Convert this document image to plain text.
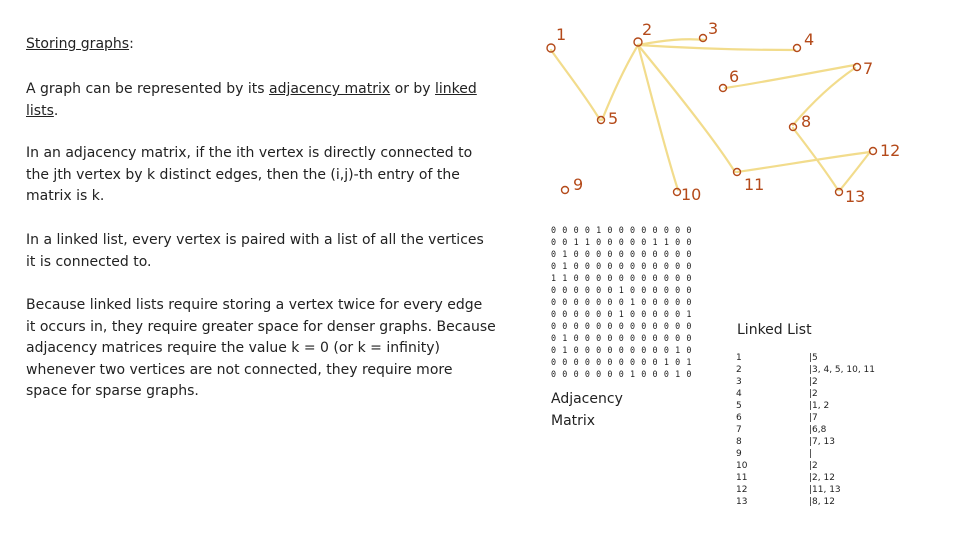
Storing graphs:

A graph can be represented by its adjacency matrix or by linked lists.

In an adjacency matrix, if the ith vertex is directly connected to the jth vertex by k distinct edges, then the (i,j)-th entry of the matrix is k.

In a linked list, every vertex is paired with a list of all the vertices it is connected to.

Because linked lists require storing a vertex twice for every edge it occurs in, they require greater space for denser graphs. Because adjacency matrices require the value k = 0 (or k = infinity) whenever two vertices are not connected, they require more space for sparse graphs.

1	2	3
4
5
6	7
8
9
10
11
12
13
0 0 0 0 1 0 0 0 0 0 0 0 0
0 0 1 1 0 0 0 0 0 1 1 0 0
0 1 0 0 0 0 0 0 0 0 0 0 0
0 1 0 0 0 0 0 0 0 0 0 0 0
1 1 0 0 0 0 0 0 0 0 0 0 0
0 0 0 0 0 0 1 0 0 0 0 0 0
0 0 0 0 0 0 0 1 0 0 0 0 0
0 0 0 0 0 0 1 0 0 0 0 0 1
0 0 0 0 0 0 0 0 0 0 0 0 0
0 1 0 0 0 0 0 0 0 0 0 0 0
0 1 0 0 0 0 0 0 0 0 0 1 0
0 0 0 0 0 0 0 0 0 0 1 0 1
0 0 0 0 0 0 0 1 0 0 0 1 0
Adjacency
Matrix
Linked List
1	|5
2	|3, 4, 5, 10, 11
3	|2
4	|2
5	|1, 2
6	|7
7	|6,8
8	|7, 13
9	|
10	|2
11	|2, 12
12	|11, 13
13	|8, 12
